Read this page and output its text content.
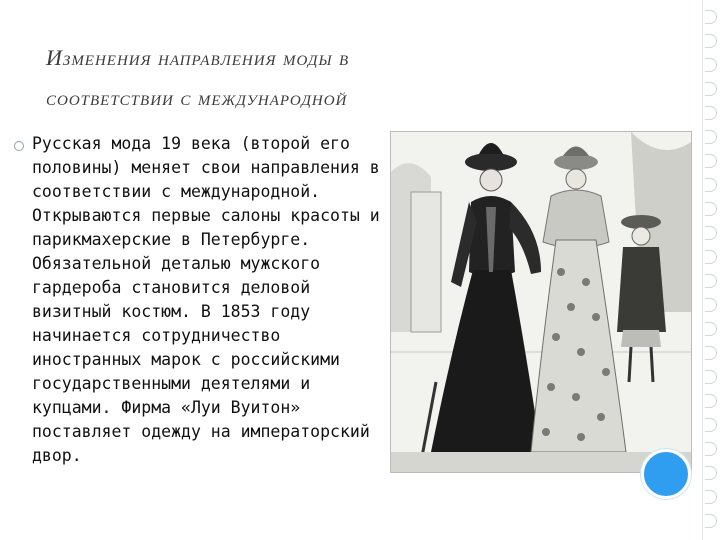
Изменения направления моды в
соответствии с международной
Русская мода 19 века (второй его половины) меняет свои направления в соответствии с международной. Открываются первые салоны красоты и парикмахерские в Петербурге. Обязательной деталью мужского гардероба становится деловой визитный костюм. В 1853 году начинается сотрудничество иностранных марок с российскими государственными деятелями и купцами. Фирма «Луи Вуитон» поставляет одежду на императорский двор.
